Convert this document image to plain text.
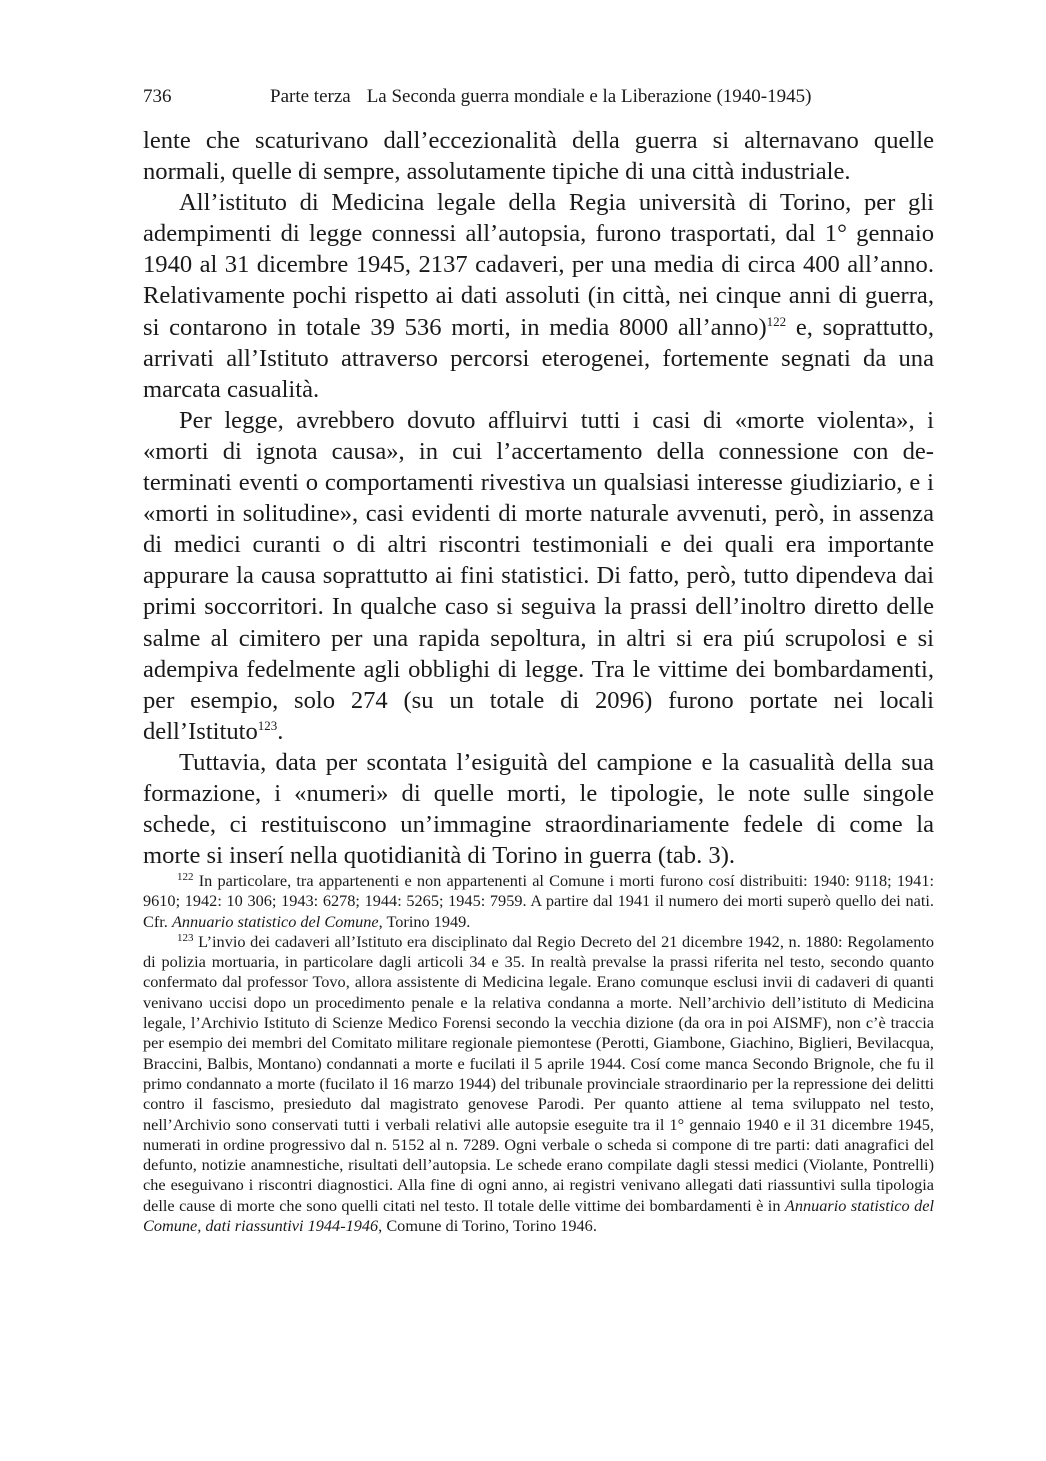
736	Parte terza La Seconda guerra mondiale e la Liberazione (1940-1945)

lente che scaturivano dall’eccezionalità della guerra si alternavano quelle normali, quelle di sempre, assolutamente tipiche di una città industriale.

All’istituto di Medicina legale della Regia università di Torino, per gli adempimenti di legge connessi all’autopsia, furono trasportati, dal 1° gennaio 1940 al 31 dicembre 1945, 2137 cadaveri, per una media di circa 400 all’anno. Relativamente pochi rispetto ai dati assoluti (in città, nei cinque anni di guerra, si contarono in totale 39 536 morti, in media 8000 all’anno)$^{122}$ e, soprattutto, arrivati all’Istituto attraverso percorsi eterogenei, fortemente segnati da una marcata casualità.

Per legge, avrebbero dovuto affluirvi tutti i casi di «morte violenta», i «morti di ignota causa», in cui l’accertamento della connessione con determinati eventi o comportamenti rivestiva un qualsiasi interesse giudiziario, e i «morti in solitudine», casi evidenti di morte naturale avvenuti, però, in assenza di medici curanti o di altri riscontri testimoniali e dei quali era importante appurare la causa soprattutto ai fini statistici. Di fatto, però, tutto dipendeva dai primi soccorritori. In qualche caso si seguiva la prassi dell’inoltro diretto delle salme al cimitero per una rapida sepoltura, in altri si era piú scrupolosi e si adempiva fedelmente agli obblighi di legge. Tra le vittime dei bombardamenti, per esempio, solo 274 (su un totale di 2096) furono portate nei locali dell’Istituto$^{123}$.

Tuttavia, data per scontata l’esiguità del campione e la casualità della sua formazione, i «numeri» di quelle morti, le tipologie, le note sulle singole schede, ci restituiscono un’immagine straordinariamente fedele di come la morte si inserí nella quotidianità di Torino in guerra (tab. 3).

$^{122}$ In particolare, tra appartenenti e non appartenenti al Comune i morti furono cosí distribuiti: 1940: 9118; 1941: 9610; 1942: 10 306; 1943: 6278; 1944: 5265; 1945: 7959. A partire dal 1941 il numero dei morti superò quello dei nati. Cfr. Annuario statistico del Comune, Torino 1949.

$^{123}$ L’invio dei cadaveri all’Istituto era disciplinato dal Regio Decreto del 21 dicembre 1942, n. 1880: Regolamento di polizia mortuaria, in particolare dagli articoli 34 e 35. In realtà prevalse la prassi riferita nel testo, secondo quanto confermato dal professor Tovo, allora assistente di Medicina legale. Erano comunque esclusi invii di cadaveri di quanti venivano uccisi dopo un procedimento penale e la relativa condanna a morte. Nell’archivio dell’istituto di Medicina legale, l’Archivio Istituto di Scienze Medico Forensi secondo la vecchia dizione (da ora in poi AISMF), non c’è traccia per esempio dei membri del Comitato militare regionale piemontese (Perotti, Giambone, Giachino, Biglieri, Bevilacqua, Braccini, Balbis, Montano) condannati a morte e fucilati il 5 aprile 1944. Cosí come manca Secondo Brignole, che fu il primo condannato a morte (fucilato il 16 marzo 1944) del tribunale provinciale straordinario per la repressione dei delitti contro il fascismo, presieduto dal magistrato genovese Parodi. Per quanto attiene al tema sviluppato nel testo, nell’Archivio sono conservati tutti i verbali relativi alle autopsie eseguite tra il 1° gennaio 1940 e il 31 dicembre 1945, numerati in ordine progressivo dal n. 5152 al n. 7289. Ogni verbale o scheda si compone di tre parti: dati anagrafici del defunto, notizie anamnestiche, risultati dell’autopsia. Le schede erano compilate dagli stessi medici (Violante, Pontrelli) che eseguivano i riscontri diagnostici. Alla fine di ogni anno, ai registri venivano allegati dati riassuntivi sulla tipologia delle cause di morte che sono quelli citati nel testo. Il totale delle vittime dei bombardamenti è in Annuario statistico del Comune, dati riassuntivi 1944-1946, Comune di Torino, Torino 1946.
